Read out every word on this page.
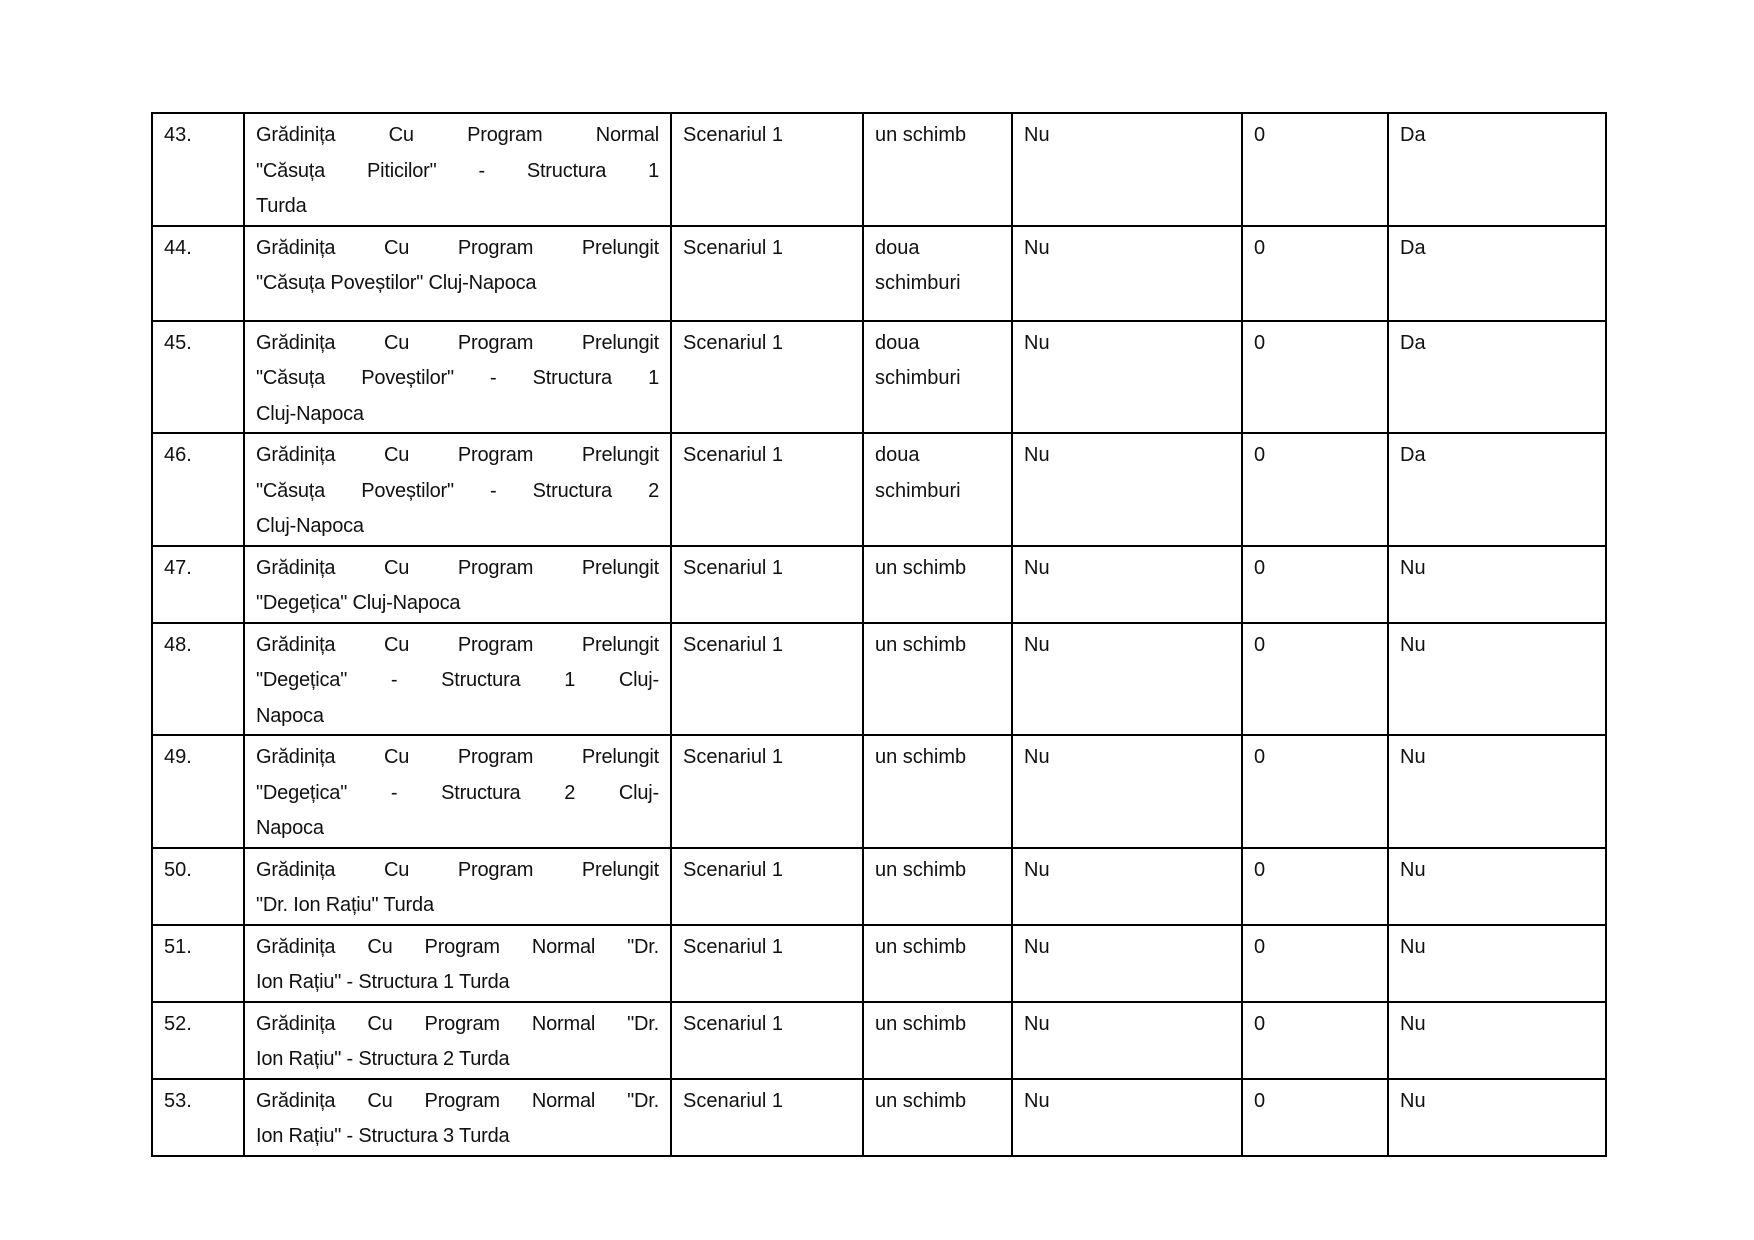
43.	Grădinița Cu Program Normal
"Căsuța Piticilor" - Structura 1
Turda	Scenariul 1	un schimb	Nu	0	Da

44.	Grădinița Cu Program Prelungit
"Căsuța Poveștilor" Cluj-Napoca	Scenariul 1	doua
schimburi	Nu	0	Da

45.	Grădinița Cu Program Prelungit
"Căsuța Poveștilor" - Structura 1
Cluj-Napoca	Scenariul 1	doua
schimburi	Nu	0	Da

46.	Grădinița Cu Program Prelungit
"Căsuța Poveștilor" - Structura 2
Cluj-Napoca	Scenariul 1	doua
schimburi	Nu	0	Da

47.	Grădinița Cu Program Prelungit
"Degețica" Cluj-Napoca	Scenariul 1	un schimb	Nu	0	Nu

48.	Grădinița Cu Program Prelungit
"Degețica" - Structura 1 Cluj-
Napoca	Scenariul 1	un schimb	Nu	0	Nu

49.	Grădinița Cu Program Prelungit
"Degețica" - Structura 2 Cluj-
Napoca	Scenariul 1	un schimb	Nu	0	Nu

50.	Grădinița Cu Program Prelungit
"Dr. Ion Rațiu" Turda	Scenariul 1	un schimb	Nu	0	Nu

51.	Grădinița Cu Program Normal "Dr.
Ion Rațiu" - Structura 1 Turda	Scenariul 1	un schimb	Nu	0	Nu

52.	Grădinița Cu Program Normal "Dr.
Ion Rațiu" - Structura 2 Turda	Scenariul 1	un schimb	Nu	0	Nu

53.	Grădinița Cu Program Normal "Dr.
Ion Rațiu" - Structura 3 Turda	Scenariul 1	un schimb	Nu	0	Nu
